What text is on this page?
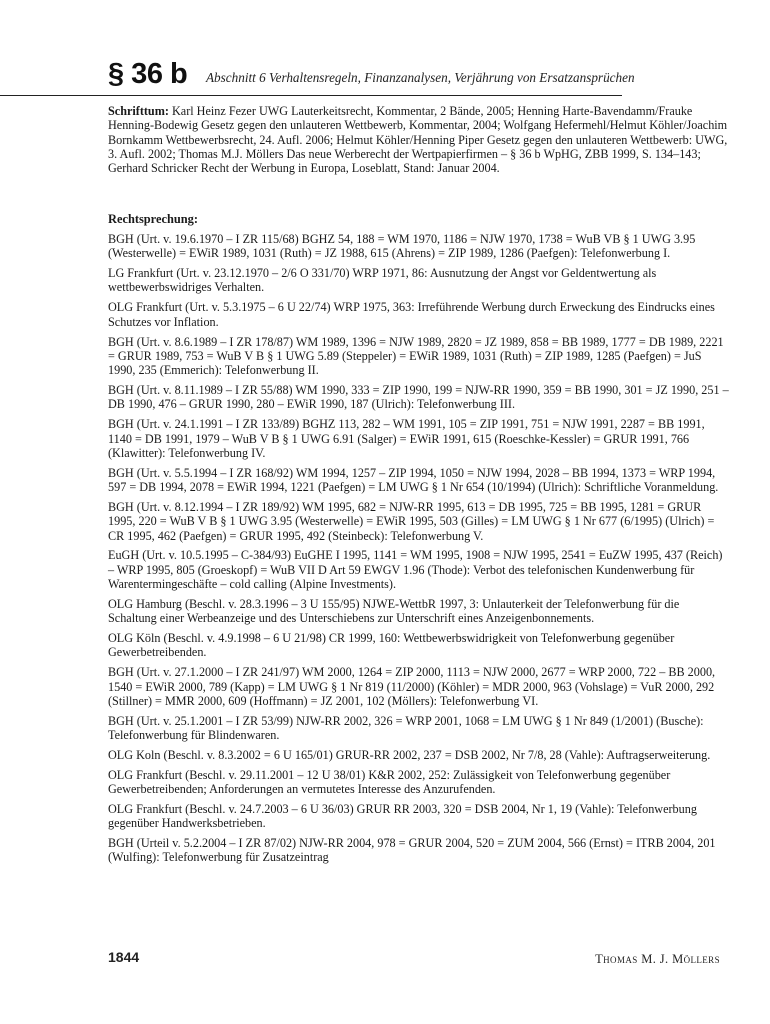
§ 36 b Abschnitt 6 Verhaltensregeln, Finanzanalysen, Verjährung von Ersatzansprüchen
Schrifttum: Karl Heinz Fezer UWG Lauterkeitsrecht, Kommentar, 2 Bände, 2005; Henning Harte-Bavendamm/Frauke Henning-Bodewig Gesetz gegen den unlauteren Wettbewerb, Kommentar, 2004; Wolfgang Hefermehl/Helmut Köhler/Joachim Bornkamm Wettbewerbsrecht, 24. Aufl. 2006; Helmut Köhler/Henning Piper Gesetz gegen den unlauteren Wettbewerb: UWG, 3. Aufl. 2002; Thomas M.J. Möllers Das neue Werberecht der Wertpapierfirmen – § 36 b WpHG, ZBB 1999, S. 134–143; Gerhard Schricker Recht der Werbung in Europa, Loseblatt, Stand: Januar 2004.
Rechtsprechung:

BGH (Urt. v. 19.6.1970 – I ZR 115/68) BGHZ 54, 188 = WM 1970, 1186 = NJW 1970, 1738 = WuB VB § 1 UWG 3.95 (Westerwelle) = EWiR 1989, 1031 (Ruth) = JZ 1988, 615 (Ahrens) = ZIP 1989, 1286 (Paefgen): Telefonwerbung I.

LG Frankfurt (Urt. v. 23.12.1970 – 2/6 O 331/70) WRP 1971, 86: Ausnutzung der Angst vor Geldentwertung als wettbewerbswidriges Verhalten.

OLG Frankfurt (Urt. v. 5.3.1975 – 6 U 22/74) WRP 1975, 363: Irreführende Werbung durch Erweckung des Eindrucks eines Schutzes vor Inflation.

BGH (Urt. v. 8.6.1989 – I ZR 178/87) WM 1989, 1396 = NJW 1989, 2820 = JZ 1989, 858 = BB 1989, 1777 = DB 1989, 2221 = GRUR 1989, 753 = WuB V B § 1 UWG 5.89 (Steppeler) = EWiR 1989, 1031 (Ruth) = ZIP 1989, 1285 (Paefgen) = JuS 1990, 235 (Emmerich): Telefonwerbung II.

BGH (Urt. v. 8.11.1989 – I ZR 55/88) WM 1990, 333 = ZIP 1990, 199 = NJW-RR 1990, 359 = BB 1990, 301 = JZ 1990, 251 – DB 1990, 476 – GRUR 1990, 280 – EWiR 1990, 187 (Ulrich): Telefonwerbung III.

BGH (Urt. v. 24.1.1991 – I ZR 133/89) BGHZ 113, 282 – WM 1991, 105 = ZIP 1991, 751 = NJW 1991, 2287 = BB 1991, 1140 = DB 1991, 1979 – WuB V B § 1 UWG 6.91 (Salger) = EWiR 1991, 615 (Roeschke-Kessler) = GRUR 1991, 766 (Klawitter): Telefonwerbung IV.

BGH (Urt. v. 5.5.1994 – I ZR 168/92) WM 1994, 1257 – ZIP 1994, 1050 = NJW 1994, 2028 – BB 1994, 1373 = WRP 1994, 597 = DB 1994, 2078 = EWiR 1994, 1221 (Paefgen) = LM UWG § 1 Nr 654 (10/1994) (Ulrich): Schriftliche Voranmeldung.

BGH (Urt. v. 8.12.1994 – I ZR 189/92) WM 1995, 682 = NJW-RR 1995, 613 = DB 1995, 725 = BB 1995, 1281 = GRUR 1995, 220 = WuB V B § 1 UWG 3.95 (Westerwelle) = EWiR 1995, 503 (Gilles) = LM UWG § 1 Nr 677 (6/1995) (Ulrich) = CR 1995, 462 (Paefgen) = GRUR 1995, 492 (Steinbeck): Telefonwerbung V.

EuGH (Urt. v. 10.5.1995 – C-384/93) EuGHE I 1995, 1141 = WM 1995, 1908 = NJW 1995, 2541 = EuZW 1995, 437 (Reich) – WRP 1995, 805 (Groeskopf) = WuB VII D Art 59 EWGV 1.96 (Thode): Verbot des telefonischen Kundenwerbung für Warentermingeschäfte – cold calling (Alpine Investments).

OLG Hamburg (Beschl. v. 28.3.1996 – 3 U 155/95) NJWE-WettbR 1997, 3: Unlauterkeit der Telefonwerbung für die Schaltung einer Werbeanzeige und des Unterschiebens zur Unterschrift eines Anzeigenbonnements.

OLG Köln (Beschl. v. 4.9.1998 – 6 U 21/98) CR 1999, 160: Wettbewerbswidrigkeit von Telefonwerbung gegenüber Gewerbetreibenden.

BGH (Urt. v. 27.1.2000 – I ZR 241/97) WM 2000, 1264 = ZIP 2000, 1113 = NJW 2000, 2677 = WRP 2000, 722 – BB 2000, 1540 = EWiR 2000, 789 (Kapp) = LM UWG § 1 Nr 819 (11/2000) (Köhler) = MDR 2000, 963 (Vohslage) = VuR 2000, 292 (Stillner) = MMR 2000, 609 (Hoffmann) = JZ 2001, 102 (Möllers): Telefonwerbung VI.

BGH (Urt. v. 25.1.2001 – I ZR 53/99) NJW-RR 2002, 326 = WRP 2001, 1068 = LM UWG § 1 Nr 849 (1/2001) (Busche): Telefonwerbung für Blindenwaren.

OLG Koln (Beschl. v. 8.3.2002 = 6 U 165/01) GRUR-RR 2002, 237 = DSB 2002, Nr 7/8, 28 (Vahle): Auftragserweiterung.

OLG Frankfurt (Beschl. v. 29.11.2001 – 12 U 38/01) K&R 2002, 252: Zulässigkeit von Telefonwerbung gegenüber Gewerbetreibenden; Anforderungen an vermutetes Interesse des Anzurufenden.

OLG Frankfurt (Beschl. v. 24.7.2003 – 6 U 36/03) GRUR RR 2003, 320 = DSB 2004, Nr 1, 19 (Vahle): Telefonwerbung gegenüber Handwerksbetrieben.

BGH (Urteil v. 5.2.2004 – I ZR 87/02) NJW-RR 2004, 978 = GRUR 2004, 520 = ZUM 2004, 566 (Ernst) = ITRB 2004, 201 (Wulfing): Telefonwerbung für Zusatzeintrag

1844	Thomas M. J. Möllers
